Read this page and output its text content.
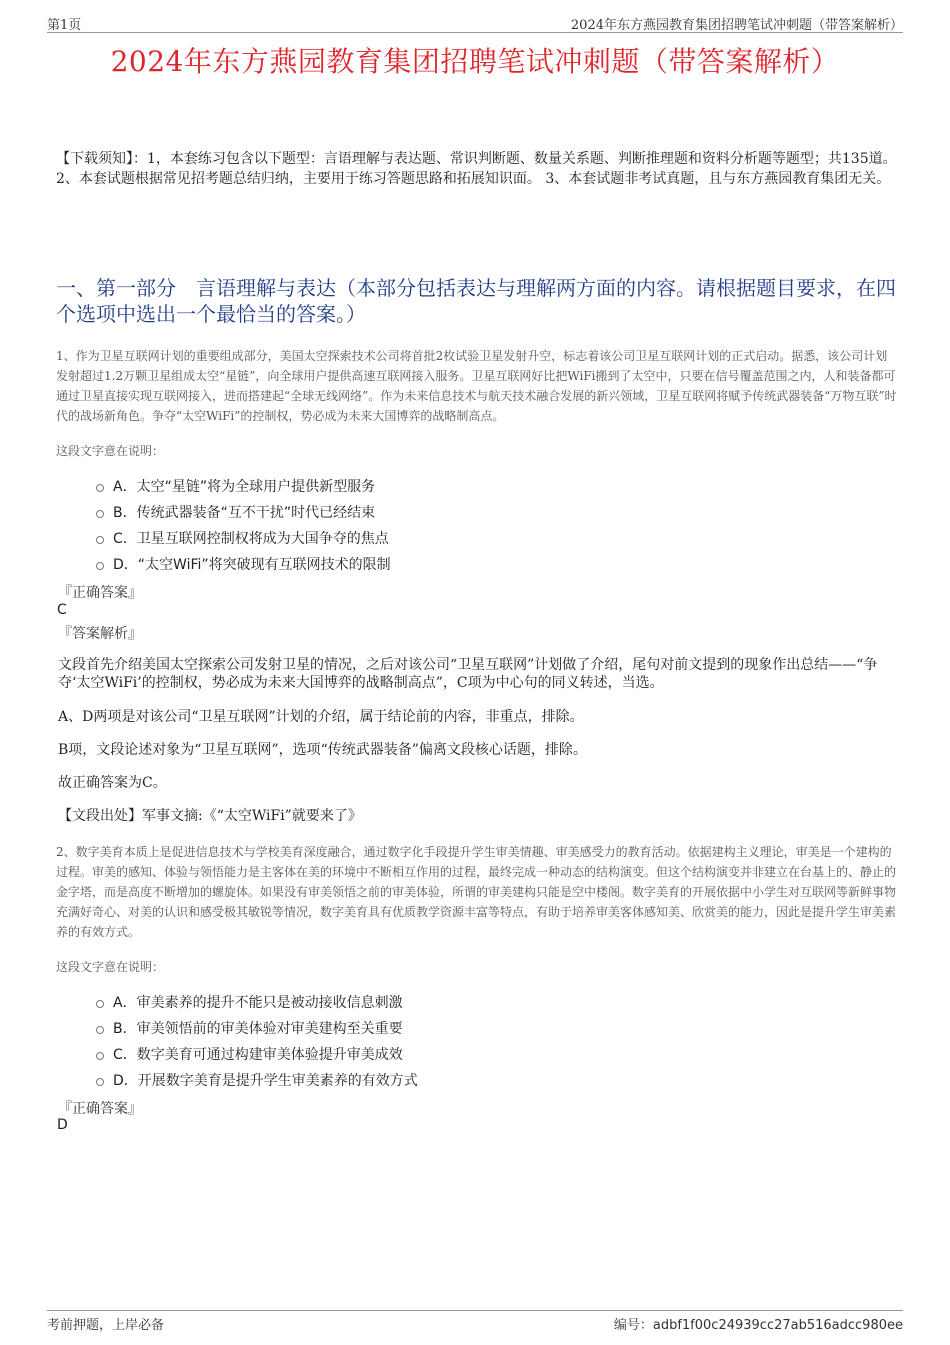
第1页	2024年东方燕园教育集团招聘笔试冲刺题（带答案解析）
2024年东方燕园教育集团招聘笔试冲刺题（带答案解析）
【下载须知】：1，本套练习包含以下题型：言语理解与表达题、常识判断题、数量关系题、判断推理题和资料分析题等题型；共135道。 2、本套试题根据常见招考题总结归纳，主要用于练习答题思路和拓展知识面。 3、本套试题非考试真题，且与东方燕园教育集团无关。
一、第一部分　言语理解与表达（本部分包括表达与理解两方面的内容。请根据题目要求，在四个选项中选出一个最恰当的答案。）
1、作为卫星互联网计划的重要组成部分，美国太空探索技术公司将首批2枚试验卫星发射升空，标志着该公司卫星互联网计划的正式启动。据悉，该公司计划发射超过1.2万颗卫星组成太空“星链”，向全球用户提供高速互联网接入服务。卫星互联网好比把WiFi搬到了太空中，只要在信号覆盖范围之内，人和装备都可通过卫星直接实现互联网接入，进而搭建起“全球无线网络”。作为未来信息技术与航天技术融合发展的新兴领域，卫星互联网将赋予传统武器装备“万物互联”时代的战场新角色。争夺“太空WiFi”的控制权，势必成为未来大国博弈的战略制高点。
这段文字意在说明：
A．太空“星链”将为全球用户提供新型服务
B．传统武器装备“互不干扰”时代已经结束
C．卫星互联网控制权将成为大国争夺的焦点
D．“太空WiFi”将突破现有互联网技术的限制
『正确答案』
C
『答案解析』
文段首先介绍美国太空探索公司发射卫星的情况，之后对该公司“卫星互联网”计划做了介绍，尾句对前文提到的现象作出总结——“争夺‘太空WiFi’的控制权，势必成为未来大国博弈的战略制高点”，C项为中心句的同义转述，当选。
A、D两项是对该公司“卫星互联网”计划的介绍，属于结论前的内容，非重点，排除。
B项，文段论述对象为“卫星互联网”，选项“传统武器装备”偏离文段核心话题，排除。
故正确答案为C。
【文段出处】军事文摘:《“太空WiFi”就要来了》
2、数字美育本质上是促进信息技术与学校美育深度融合，通过数字化手段提升学生审美情趣、审美感受力的教育活动。依据建构主义理论，审美是一个建构的过程。审美的感知、体验与领悟能力是主客体在美的环境中不断相互作用的过程，最终完成一种动态的结构演变。但这个结构演变并非建立在台基上的、静止的金字塔，而是高度不断增加的螺旋体。如果没有审美领悟之前的审美体验，所谓的审美建构只能是空中楼阁。数字美育的开展依据中小学生对互联网等新鲜事物充满好奇心、对美的认识和感受极其敏锐等情况，数字美育具有优质教学资源丰富等特点，有助于培养审美客体感知美、欣赏美的能力，因此是提升学生审美素养的有效方式。
这段文字意在说明：
A．审美素养的提升不能只是被动接收信息刺激
B．审美领悟前的审美体验对审美建构至关重要
C．数字美育可通过构建审美体验提升审美成效
D．开展数字美育是提升学生审美素养的有效方式
『正确答案』
D
考前押题，上岸必备	编号：adbf1f00c24939cc27ab516adcc980ee
